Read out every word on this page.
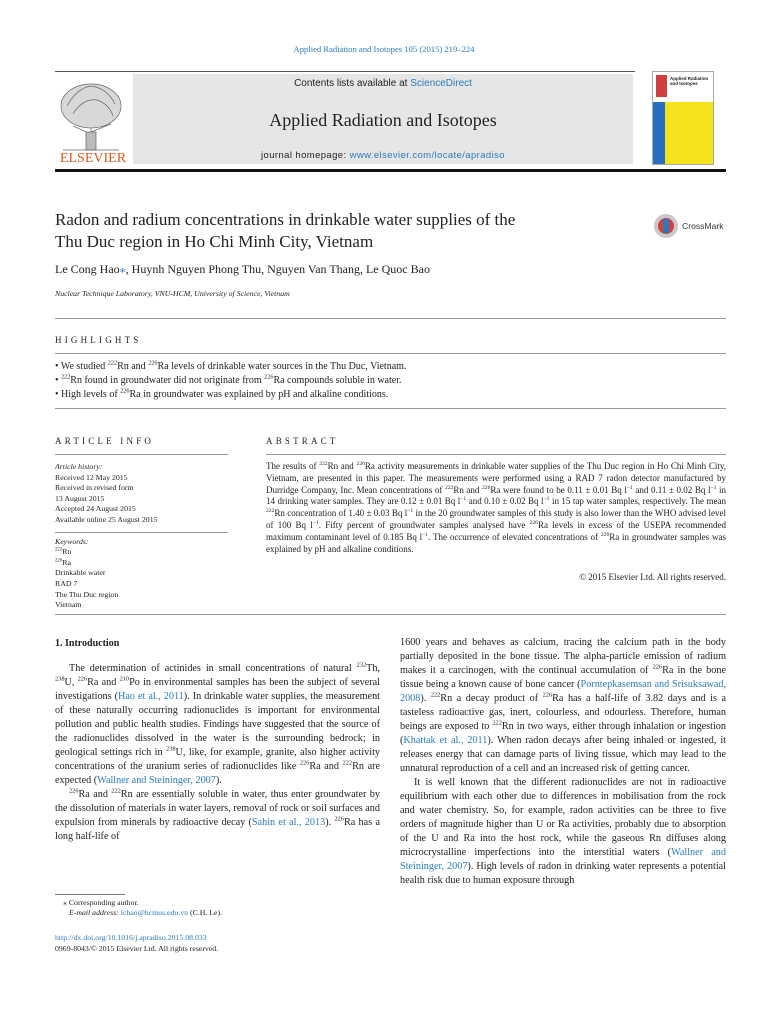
Applied Radiation and Isotopes 105 (2015) 219–224
ELSEVIER
Contents lists available at ScienceDirect
Applied Radiation and Isotopes
journal homepage: www.elsevier.com/locate/apradiso
Applied Radiation and Isotopes
Radon and radium concentrations in drinkable water supplies of the
Thu Duc region in Ho Chi Minh City, Vietnam
CrossMark
Le Cong Hao⁎, Huynh Nguyen Phong Thu, Nguyen Van Thang, Le Quoc Bao
Nuclear Technique Laboratory, VNU-HCM, University of Science, Vietnam
HIGHLIGHTS
• We studied $^{222}$Rn and $^{226}$Ra levels of drinkable water sources in the Thu Duc, Vietnam.
• $^{222}$Rn found in groundwater did not originate from $^{226}$Ra compounds soluble in water.
• High levels of $^{226}$Ra in groundwater was explained by pH and alkaline conditions.
ARTICLE INFO	ABSTRACT
Article history:
Received 12 May 2015
Received in revised form
13 August 2015
Accepted 24 August 2015
Available online 25 August 2015
Keywords:
$^{222}$Rn
$^{226}$Ra
Drinkable water
RAD 7
The Thu Duc region
Vietnam
The results of $^{222}$Rn and $^{226}$Ra activity measurements in drinkable water supplies of the Thu Duc region in Ho Chi Minh City, Vietnam, are presented in this paper. The measurements were performed using a RAD 7 radon detector manufactured by Durridge Company, Inc. Mean concentrations of $^{222}$Rn and $^{226}$Ra were found to be 0.11 ± 0.01 Bq $l^{-1}$ and 0.11 ± 0.02 Bq $l^{-1}$ in 14 drinking water samples. They are 0.12 ± 0.01 Bq $l^{-1}$ and 0.10 ± 0.02 Bq $l^{-1}$ in 15 tap water samples, respectively. The mean $^{222}$Rn concentration of 1.40 ± 0.03 Bq $l^{-1}$ in the 20 groundwater samples of this study is also lower than the WHO advised level of 100 Bq $l^{-1}$. Fifty percent of groundwater samples analysed have $^{226}$Ra levels in excess of the USEPA recommended maximum contaminant level of 0.185 Bq $l^{-1}$. The occurrence of elevated concentrations of $^{226}$Ra in groundwater samples was explained by pH and alkaline conditions.
© 2015 Elsevier Ltd. All rights reserved.
1. Introduction

The determination of actinides in small concentrations of natural $^{232}$Th, $^{238}$U, $^{226}$Ra and $^{210}$Po in environmental samples has been the subject of several investigations (Hao et al., 2011). In drinkable water supplies, the measurement of these naturally occurring radionuclides is important for environmental pollution and public health studies. Findings have suggested that the source of the radionuclides dissolved in the water is the surrounding bedrock; in geological settings rich in $^{238}$U, like, for example, granite, also higher activity concentrations of the uranium series of radionuclides like $^{226}$Ra and $^{222}$Rn are expected (Wallner and Steininger, 2007).

$^{226}$Ra and $^{222}$Rn are essentially soluble in water, thus enter groundwater by the dissolution of materials in water layers, removal of rock or soil surfaces and expulsion from minerals by radioactive decay (Sahin et al., 2013). $^{226}$Ra has a long half-life of

⁎ Corresponding author.
E-mail address: lchao@hcmus.edu.vn (C.H. Le).
http://dx.doi.org/10.1016/j.apradiso.2015.08.033
0969-8043/© 2015 Elsevier Ltd. All rights reserved.

1600 years and behaves as calcium, tracing the calcium path in the body partially deposited in the bone tissue. The alpha-particle emission of radium makes it a carcinogen, with the continual accumulation of $^{226}$Ra in the bone tissue being a known cause of bone cancer (Porntepkasemsan and Srisuksawad, 2008). $^{222}$Rn a decay product of $^{226}$Ra has a half-life of 3.82 days and is a tasteless radioactive gas, inert, colourless, and odourless. Therefore, human beings are exposed to $^{222}$Rn in two ways, either through inhalation or ingestion (Khattak et al., 2011). When radon decays after being inhaled or ingested, it releases energy that can damage parts of living tissue, which may lead to the unnatural reproduction of a cell and an increased risk of getting cancer.

It is well known that the different radionuclides are not in radioactive equilibrium with each other due to differences in mobilisation from the rock and water chemistry. So, for example, radon activities can be three to five orders of magnitude higher than U or Ra activities, probably due to absorption of the U and Ra into the host rock, while the gaseous Rn diffuses along microcrystalline imperfections into the interstitial waters (Wallner and Steininger, 2007). High levels of radon in drinking water represents a potential health risk due to human exposure through
